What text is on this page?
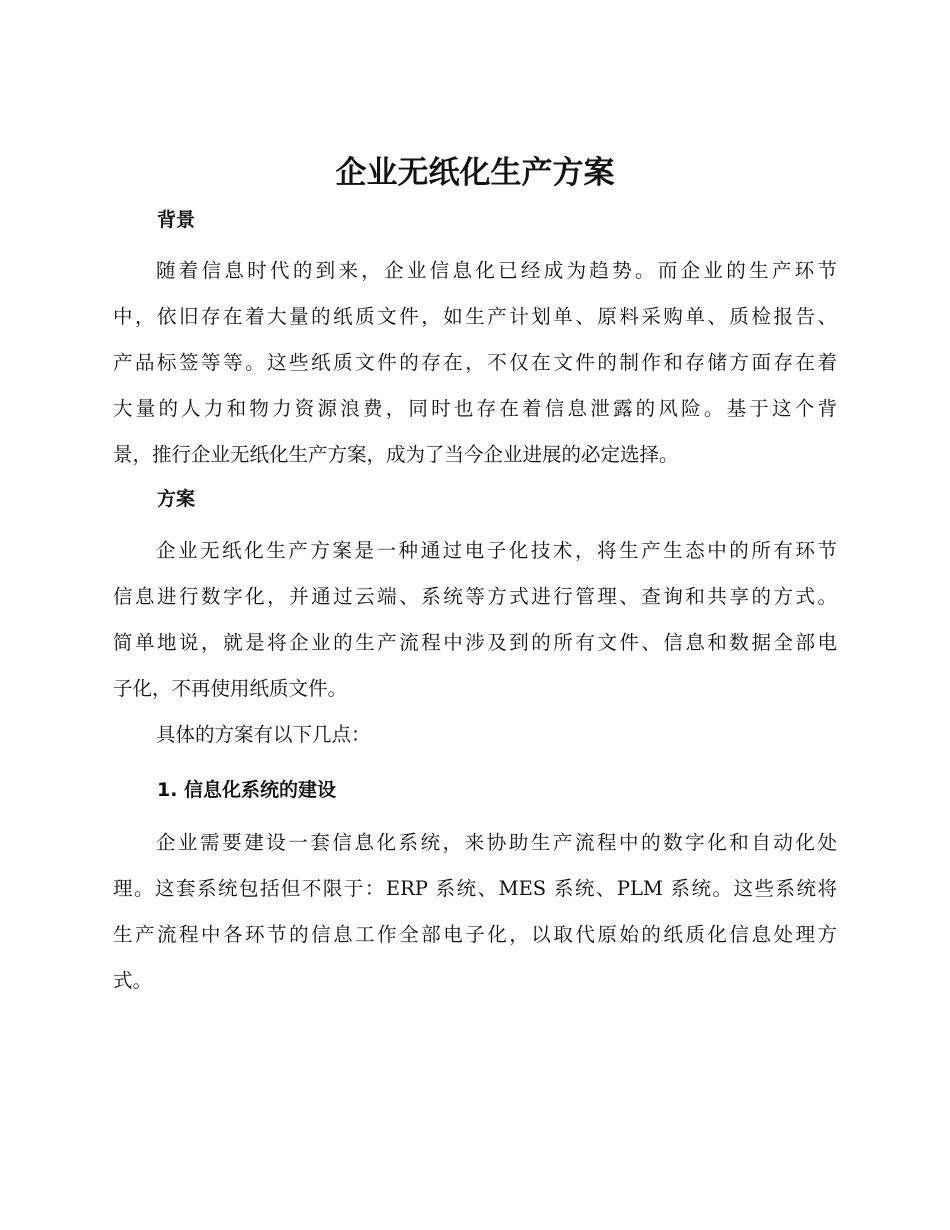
企业无纸化生产方案
背景
随着信息时代的到来，企业信息化已经成为趋势。而企业的生产环节
中，依旧存在着大量的纸质文件，如生产计划单、原料采购单、质检报告、
产品标签等等。这些纸质文件的存在，不仅在文件的制作和存储方面存在着
大量的人力和物力资源浪费，同时也存在着信息泄露的风险。基于这个背
景，推行企业无纸化生产方案，成为了当今企业进展的必定选择。
方案
企业无纸化生产方案是一种通过电子化技术，将生产生态中的所有环节
信息进行数字化，并通过云端、系统等方式进行管理、查询和共享的方式。
简单地说，就是将企业的生产流程中涉及到的所有文件、信息和数据全部电
子化，不再使用纸质文件。
具体的方案有以下几点：
1. 信息化系统的建设
企业需要建设一套信息化系统，来协助生产流程中的数字化和自动化处
理。这套系统包括但不限于：ERP 系统、MES 系统、PLM 系统。这些系统将
生产流程中各环节的信息工作全部电子化，以取代原始的纸质化信息处理方
式。
